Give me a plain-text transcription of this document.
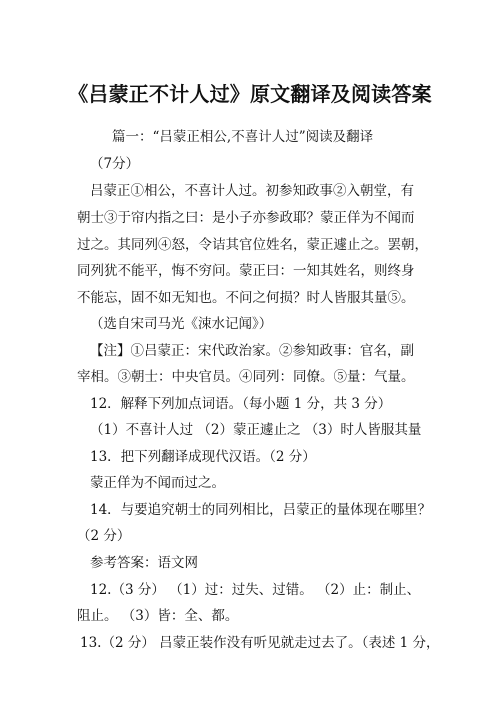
《吕蒙正不计人过》原文翻译及阅读答案
篇一：“吕蒙正相公,不喜计人过”阅读及翻译
（7分）
吕蒙正①相公，不喜计人过。初参知政事②入朝堂，有
朝士③于帘内指之曰：是小子亦参政耶？蒙正佯为不闻而
过之。其同列④怒，令诘其官位姓名，蒙正遽止之。罢朝，
同列犹不能平，悔不穷问。蒙正曰：一知其姓名，则终身
不能忘，固不如无知也。不问之何损？时人皆服其量⑤。
（选自宋司马光《涑水记闻》）
【注】①吕蒙正：宋代政治家。②参知政事：官名，副
宰相。③朝士：中央官员。④同列：同僚。⑤量：气量。
12．解释下列加点词语。（每小题 1 分，共 3 分）
（1）不喜计人过 （2）蒙正遽止之 （3）时人皆服其量
13．把下列翻译成现代汉语。（2 分）
蒙正佯为不闻而过之。
14．与要追究朝士的同列相比，吕蒙正的量体现在哪里？
（2 分）
参考答案：语文网
12.（3 分） （1）过：过失、过错。 （2）止：制止、
阻止。 （3）皆：全、都。
13.（2 分） 吕蒙正装作没有听见就走过去了。（表述 1 分，
